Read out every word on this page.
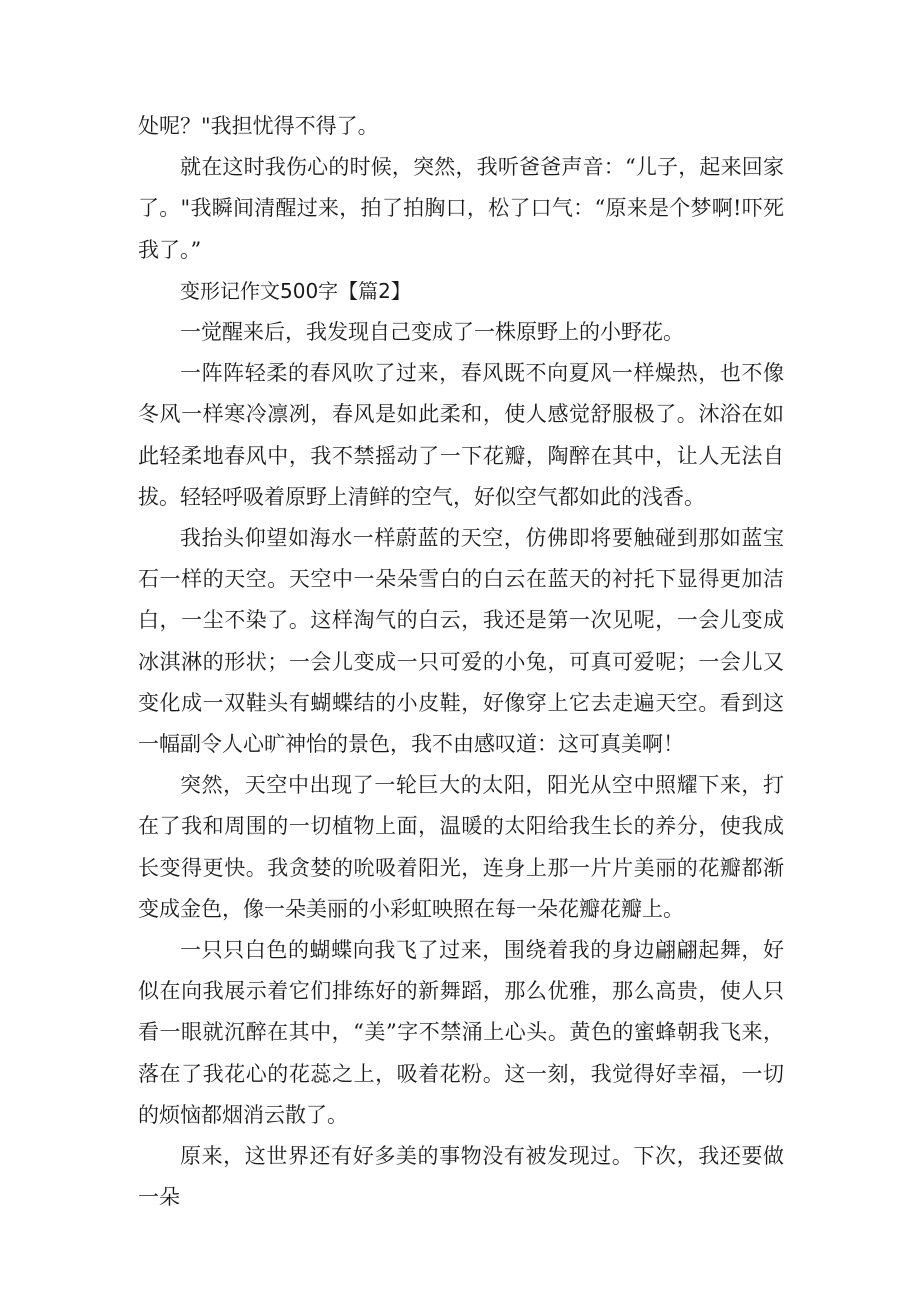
处呢？"我担忧得不得了。

就在这时我伤心的时候，突然，我听爸爸声音：“儿子，起来回家了。"我瞬间清醒过来，拍了拍胸口，松了口气：“原来是个梦啊!吓死我了。”

变形记作文500字【篇2】

一觉醒来后，我发现自己变成了一株原野上的小野花。

一阵阵轻柔的春风吹了过来，春风既不向夏风一样燥热，也不像冬风一样寒冷凛冽，春风是如此柔和，使人感觉舒服极了。沐浴在如此轻柔地春风中，我不禁摇动了一下花瓣，陶醉在其中，让人无法自拔。轻轻呼吸着原野上清鲜的空气，好似空气都如此的浅香。

我抬头仰望如海水一样蔚蓝的天空，仿佛即将要触碰到那如蓝宝石一样的天空。天空中一朵朵雪白的白云在蓝天的衬托下显得更加洁白，一尘不染了。这样淘气的白云，我还是第一次见呢，一会儿变成冰淇淋的形状；一会儿变成一只可爱的小兔，可真可爱呢；一会儿又变化成一双鞋头有蝴蝶结的小皮鞋，好像穿上它去走遍天空。看到这一幅副令人心旷神怡的景色，我不由感叹道：这可真美啊！

突然，天空中出现了一轮巨大的太阳，阳光从空中照耀下来，打在了我和周围的一切植物上面，温暖的太阳给我生长的养分，使我成长变得更快。我贪婪的吮吸着阳光，连身上那一片片美丽的花瓣都渐变成金色，像一朵美丽的小彩虹映照在每一朵花瓣花瓣上。

一只只白色的蝴蝶向我飞了过来，围绕着我的身边翩翩起舞，好似在向我展示着它们排练好的新舞蹈，那么优雅，那么高贵，使人只看一眼就沉醉在其中，“美”字不禁涌上心头。黄色的蜜蜂朝我飞来，落在了我花心的花蕊之上，吸着花粉。这一刻，我觉得好幸福，一切的烦恼都烟消云散了。

原来，这世界还有好多美的事物没有被发现过。下次，我还要做一朵
